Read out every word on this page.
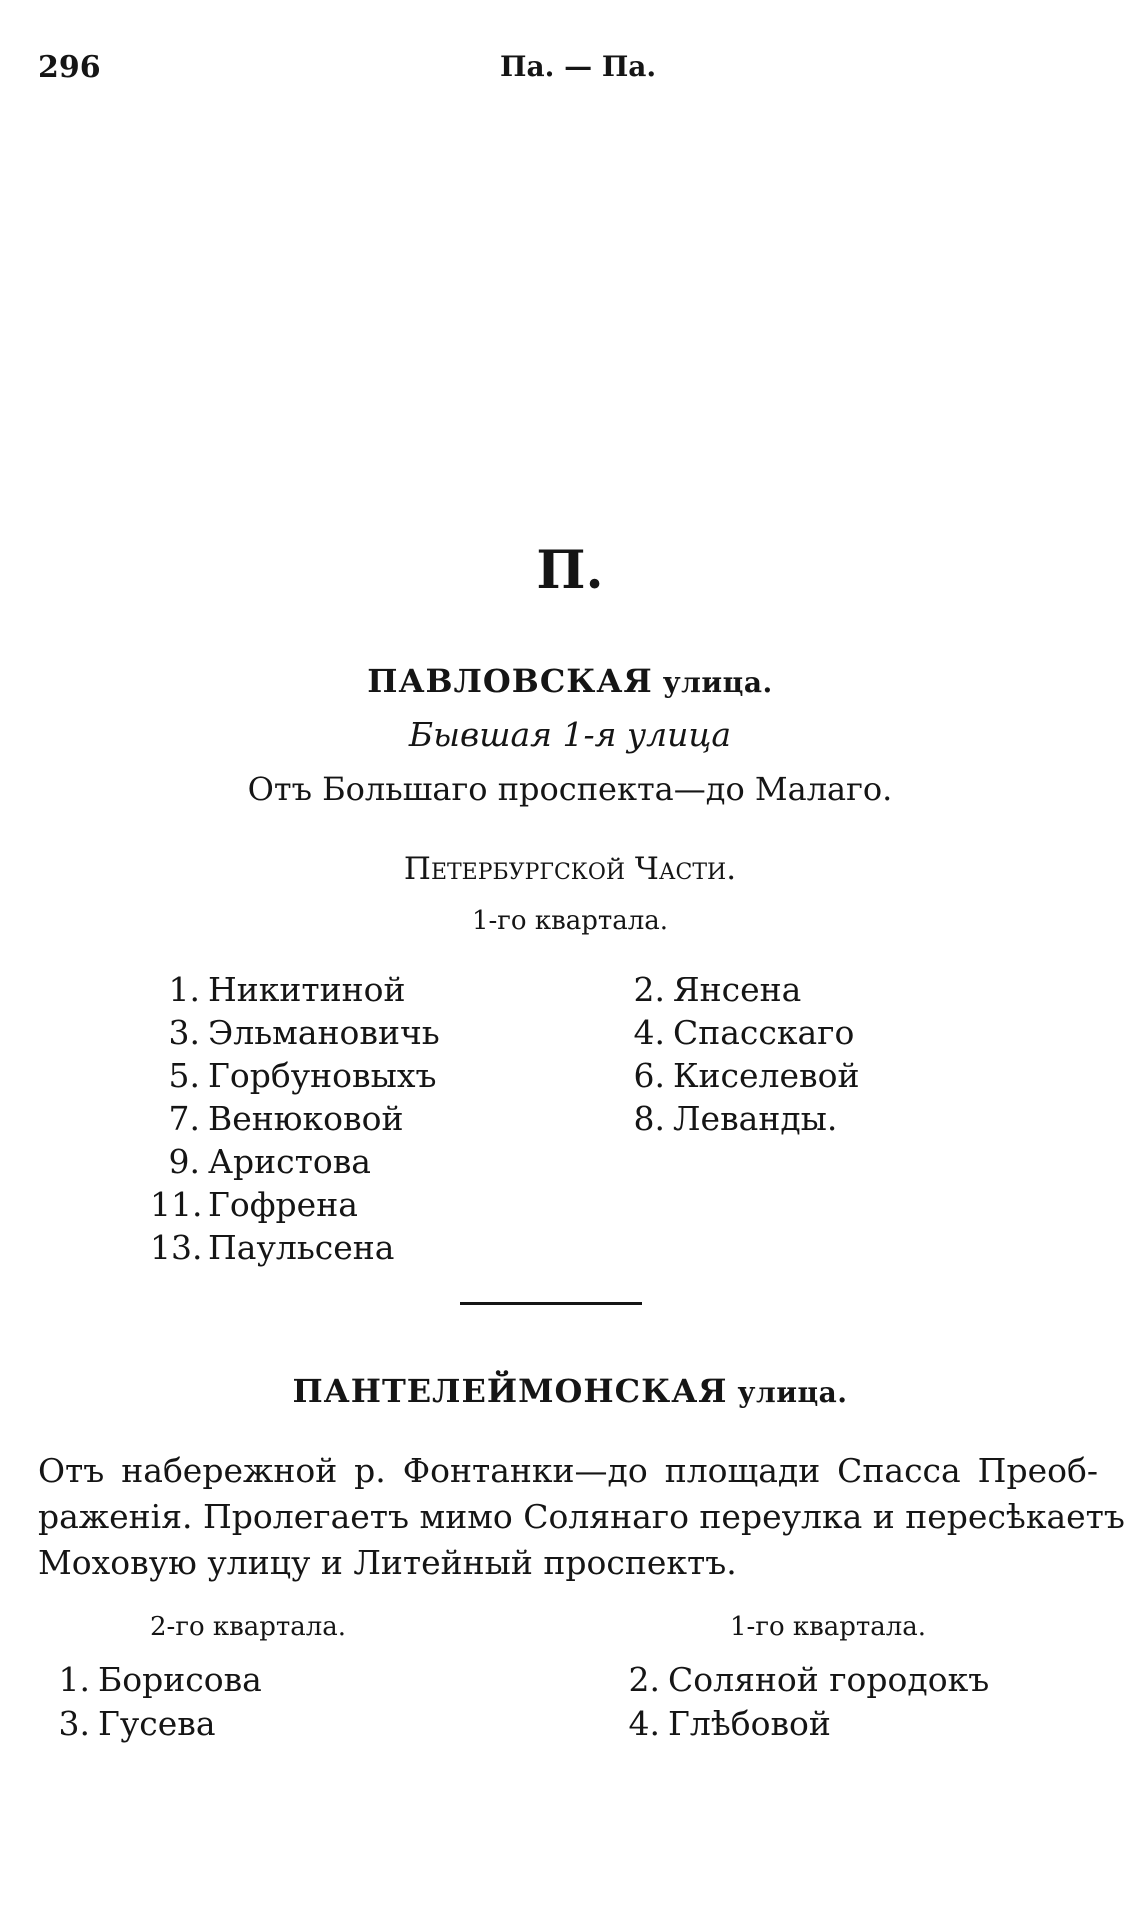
296	Па. — Па.
П.
ПАВЛОВСКАЯ улица.
Бывшая 1-я улица
Отъ Большаго проспекта—до Малаго.
Петербургской Части.
1-го квартала.
1. Никитиной
3. Эльмановичь
5. Горбуновыхъ
7. Венюковой
9. Аристова
11. Гофрена
13. Паульсена
2. Янсена
4. Спасскаго
6. Киселевой
8. Леванды.
ПАНТЕЛЕЙМОНСКАЯ улица.
Отъ набережной р. Фонтанки—до площади Спасса Преоб-
раженія. Пролегаетъ мимо Солянаго переулка и пересѣкаетъ
Моховую улицу и Литейный проспектъ.
2-го квартала.	1-го квартала.
1. Борисова
3. Гусева
2. Соляной городокъ
4. Глѣбовой
